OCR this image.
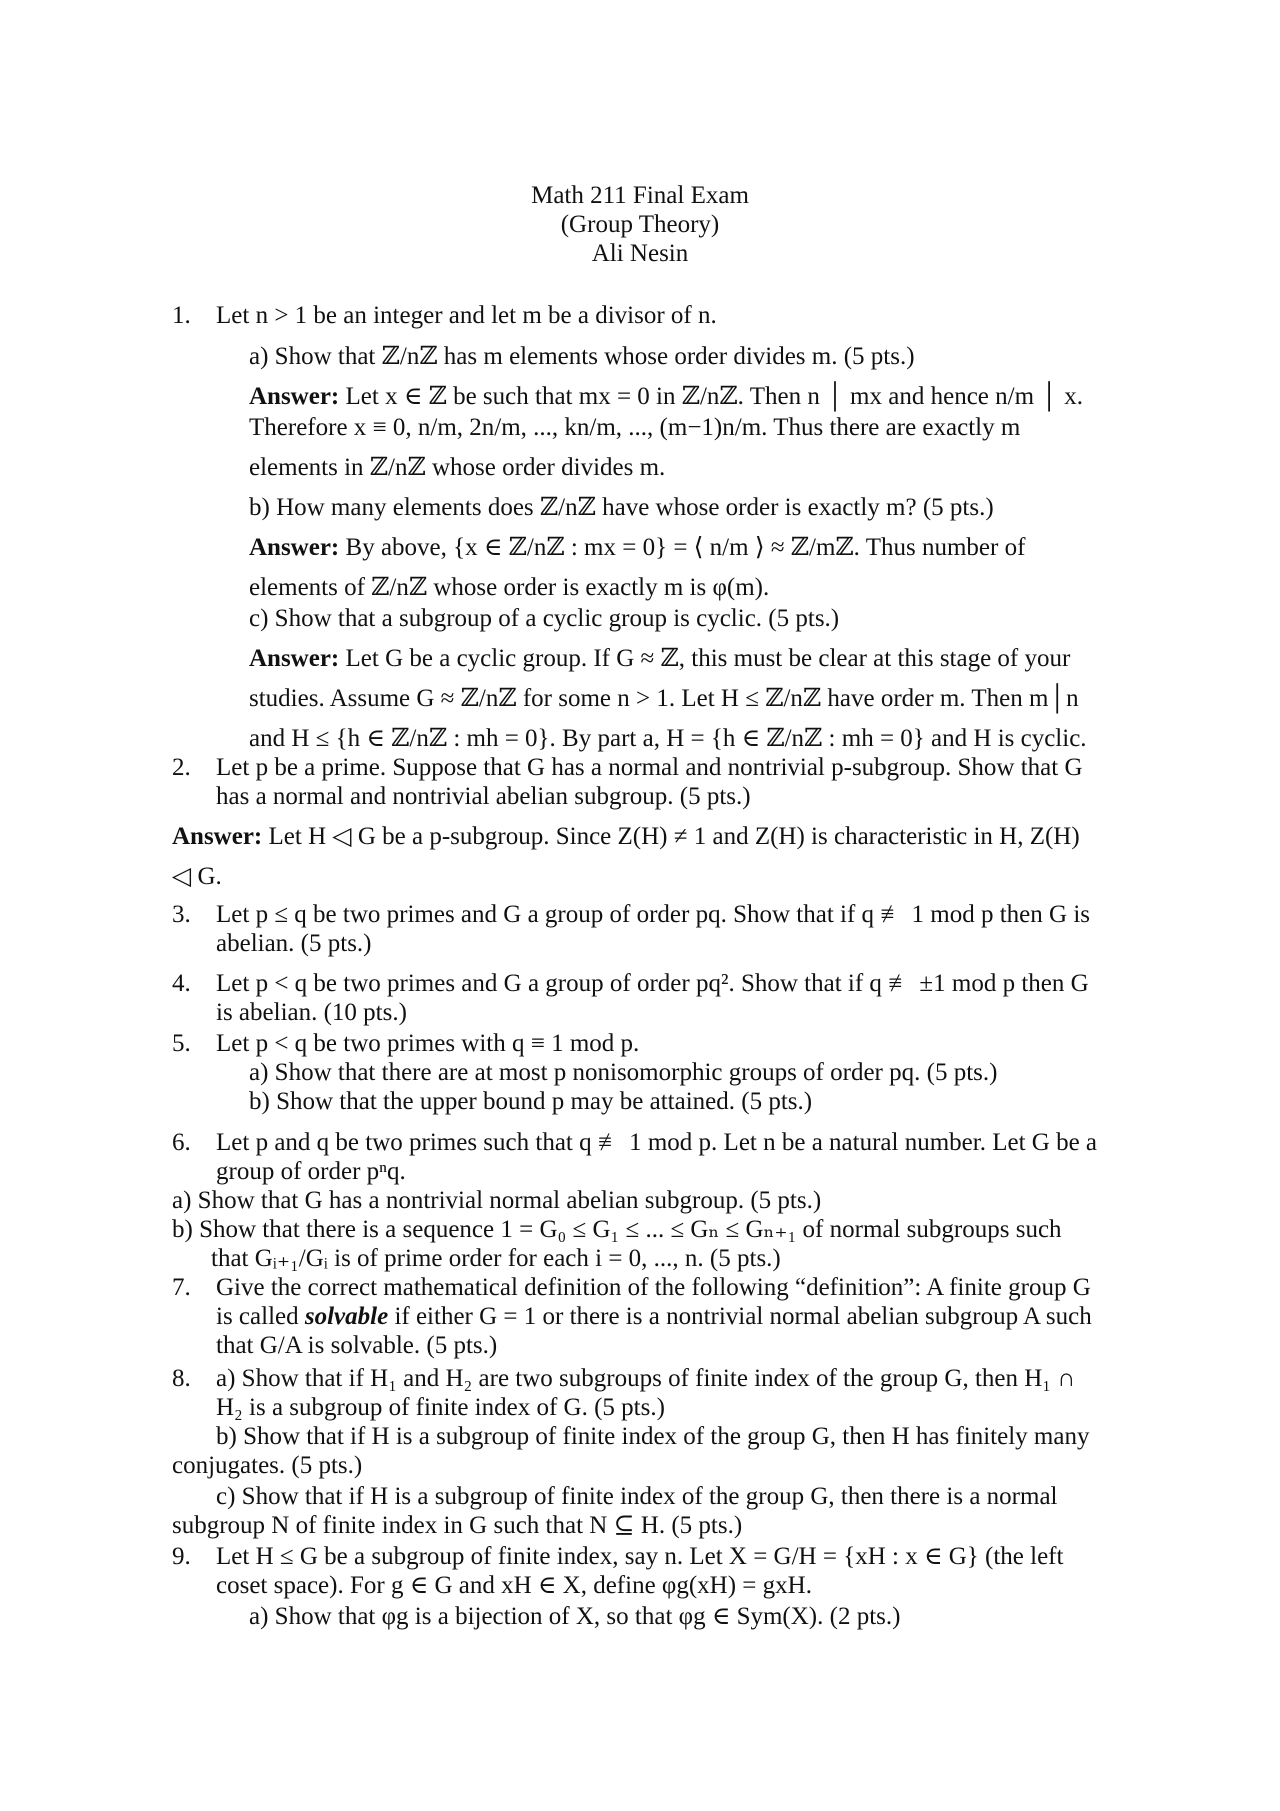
Math 211 Final Exam
(Group Theory)
Ali Nesin
1. Let n > 1 be an integer and let m be a divisor of n.
a) Show that ℤ/nℤ has m elements whose order divides m. (5 pts.)
Answer: Let x ∈ ℤ be such that mx = 0 in ℤ/nℤ. Then n │ mx and hence n/m │ x.
Therefore x ≡ 0, n/m, 2n/m, ..., kn/m, ..., (m−1)n/m. Thus there are exactly m
elements in ℤ/nℤ whose order divides m.
b) How many elements does ℤ/nℤ have whose order is exactly m? (5 pts.)
Answer: By above, {x ∈ ℤ/nℤ : mx = 0} = ⟨ n/m ⟩ ≈ ℤ/mℤ. Thus number of
elements of ℤ/nℤ whose order is exactly m is φ(m).
c) Show that a subgroup of a cyclic group is cyclic. (5 pts.)
Answer: Let G be a cyclic group. If G ≈ ℤ, this must be clear at this stage of your
studies. Assume G ≈ ℤ/nℤ for some n > 1. Let H ≤ ℤ/nℤ have order m. Then m│n
and H ≤ {h ∈ ℤ/nℤ : mh = 0}. By part a, H = {h ∈ ℤ/nℤ : mh = 0} and H is cyclic.
2. Let p be a prime. Suppose that G has a normal and nontrivial p-subgroup. Show that G
has a normal and nontrivial abelian subgroup. (5 pts.)
Answer: Let H ◁ G be a p-subgroup. Since Z(H) ≠ 1 and Z(H) is characteristic in H, Z(H)
◁ G.
3. Let p ≤ q be two primes and G a group of order pq. Show that if q ≢ 1 mod p then G is
abelian. (5 pts.)
4. Let p < q be two primes and G a group of order pq². Show that if q ≢ ±1 mod p then G
is abelian. (10 pts.)
5. Let p < q be two primes with q ≡ 1 mod p.
a) Show that there are at most p nonisomorphic groups of order pq. (5 pts.)
b) Show that the upper bound p may be attained. (5 pts.)
6. Let p and q be two primes such that q ≢ 1 mod p. Let n be a natural number. Let G be a
group of order pⁿq.
a) Show that G has a nontrivial normal abelian subgroup. (5 pts.)
b) Show that there is a sequence 1 = G₀ ≤ G₁ ≤ ... ≤ Gₙ ≤ Gₙ₊₁ of normal subgroups such
that Gᵢ₊₁/Gᵢ is of prime order for each i = 0, ..., n. (5 pts.)
7. Give the correct mathematical definition of the following “definition”: A finite group G
is called solvable if either G = 1 or there is a nontrivial normal abelian subgroup A such
that G/A is solvable. (5 pts.)
8. a) Show that if H₁ and H₂ are two subgroups of finite index of the group G, then H₁ ∩
H₂ is a subgroup of finite index of G. (5 pts.)
b) Show that if H is a subgroup of finite index of the group G, then H has finitely many
conjugates. (5 pts.)
c) Show that if H is a subgroup of finite index of the group G, then there is a normal
subgroup N of finite index in G such that N ⊆ H. (5 pts.)
9. Let H ≤ G be a subgroup of finite index, say n. Let X = G/H = {xH : x ∈ G} (the left
coset space). For g ∈ G and xH ∈ X, define φg(xH) = gxH.
a) Show that φg is a bijection of X, so that φg ∈ Sym(X). (2 pts.)
